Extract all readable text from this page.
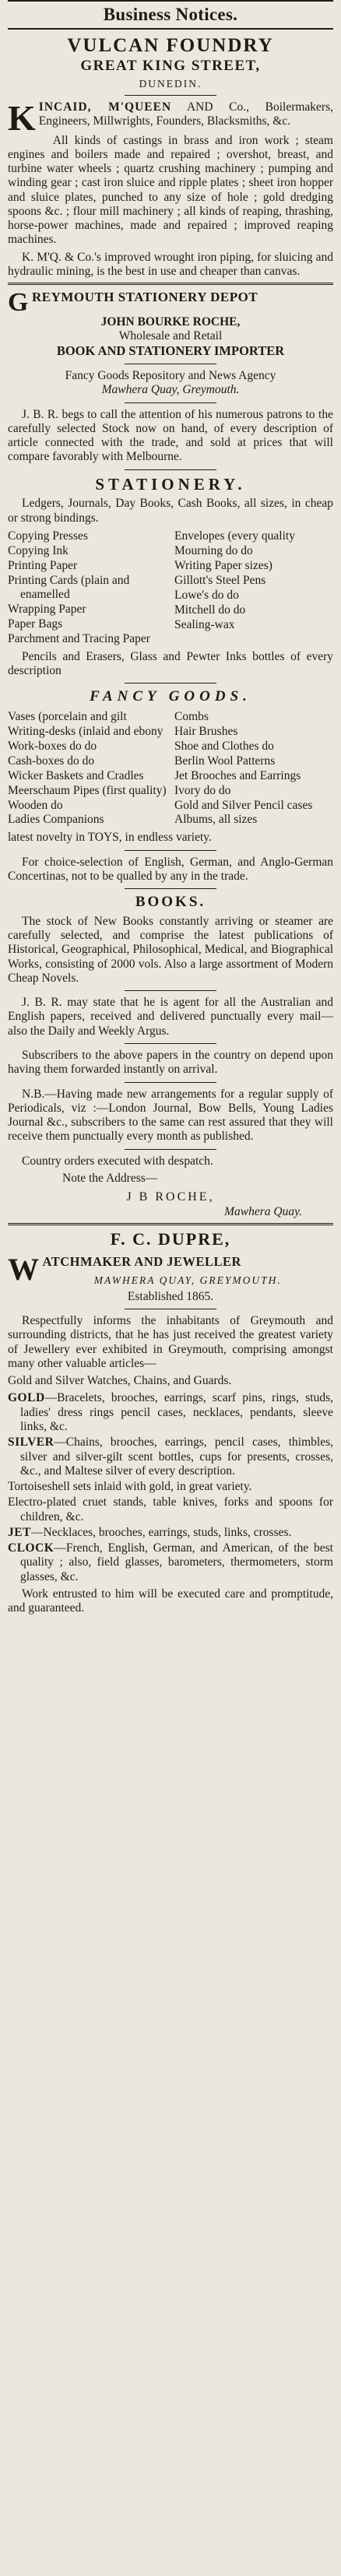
Business Notices.
VULCAN FOUNDRY
GREAT KING STREET,
DUNEDIN.
KINCAID, M'QUEEN AND Co., Boilermakers, Engineers, Millwrights, Founders, Blacksmiths, &c.

All kinds of castings in brass and iron work ; steam engines and boilers made and repaired ; overshot, breast, and turbine water wheels ; quartz crushing machinery ; pumping and winding gear ; cast iron sluice and ripple plates ; sheet iron hopper and sluice plates, punched to any size of hole ; gold dredging spoons &c. ; flour mill machinery ; all kinds of reaping, thrashing, horse-power machines, made and repaired ; improved reaping machines.

K. M'Q. & Co.'s improved wrought iron piping, for sluicing and hydraulic mining, is the best in use and cheaper than canvas.

GREYMOUTH STATIONERY DEPOT
JOHN BOURKE ROCHE,
Wholesale and Retail
BOOK AND STATIONERY IMPORTER
Fancy Goods Repository and News Agency
Mawhera Quay, Greymouth.

J. B. R. begs to call the attention of his numerous patrons to the carefully selected Stock now on hand, of every description of article connected with the trade, and sold at prices that will compare favorably with Melbourne.

STATIONERY.

Ledgers, Journals, Day Books, Cash Books, all sizes, in cheap or strong bindings.

Copying Presses
Copying Ink
Printing Paper
Printing Cards (plain and enamelled
Wrapping Paper
Paper Bags
Parchment and Tracing Paper
Envelopes (every quality
Mourning do do
Writing Paper sizes)
Gillott's Steel Pens
Lowe's do do
Mitchell do do
Sealing-wax

Pencils and Erasers, Glass and Pewter Inks bottles of every description

FANCY GOODS.
Vases (porcelain and gilt
Writing-desks (inlaid and ebony
Work-boxes do do
Cash-boxes do do
Wicker Baskets and Cradles
Meerschaum Pipes (first quality)
Wooden do
Ladies Companions
Combs
Hair Brushes
Shoe and Clothes do
Berlin Wool Patterns
Jet Brooches and Earrings
Ivory do do
Gold and Silver Pencil cases
Albums, all sizes

latest novelty in TOYS, in endless variety.

For choice-selection of English, German, and Anglo-German Concertinas, not to be qualled by any in the trade.

BOOKS.

The stock of New Books constantly arriving or steamer are carefully selected, and comprise the latest publications of Historical, Geographical, Philosophical, Medical, and Biographical Works, consisting of 2000 vols. Also a large assortment of Modern Cheap Novels.

J. B. R. may state that he is agent for all the Australian and English papers, received and delivered punctually every mail—also the Daily and Weekly Argus.

Subscribers to the above papers in the country on depend upon having them forwarded instantly on arrival.

N.B.—Having made new arrangements for a regular supply of Periodicals, viz :—London Journal, Bow Bells, Young Ladies Journal &c., subscribers to the same can rest assured that they will receive them punctually every month as published.

Country orders executed with despatch.

Note the Address—
J B ROCHE,
Mawhera Quay.
F. C. DUPRE,
WATCHMAKER AND JEWELLER
MAWHERA QUAY, GREYMOUTH.
Established 1865.

Respectfully informs the inhabitants of Greymouth and surrounding districts, that he has just received the greatest variety of Jewellery ever exhibited in Greymouth, comprising amongst many other valuable articles—

Gold and Silver Watches, Chains, and Guards.

GOLD—Bracelets, brooches, earrings, scarf pins, rings, studs, ladies' dress rings pencil cases, necklaces, pendants, sleeve links, &c.
SILVER—Chains, brooches, earrings, pencil cases, thimbles, silver and silver-gilt scent bottles, cups for presents, crosses, &c., and Maltese silver of every description.
Tortoiseshell sets inlaid with gold, in great variety.
Electro-plated cruet stands, table knives, forks and spoons for children, &c.
JET—Necklaces, brooches, earrings, studs, links, crosses.
CLOCK—French, English, German, and American, of the best quality ; also, field glasses, barometers, thermometers, storm glasses, &c.

Work entrusted to him will be executed care and promptitude, and guaranteed.
